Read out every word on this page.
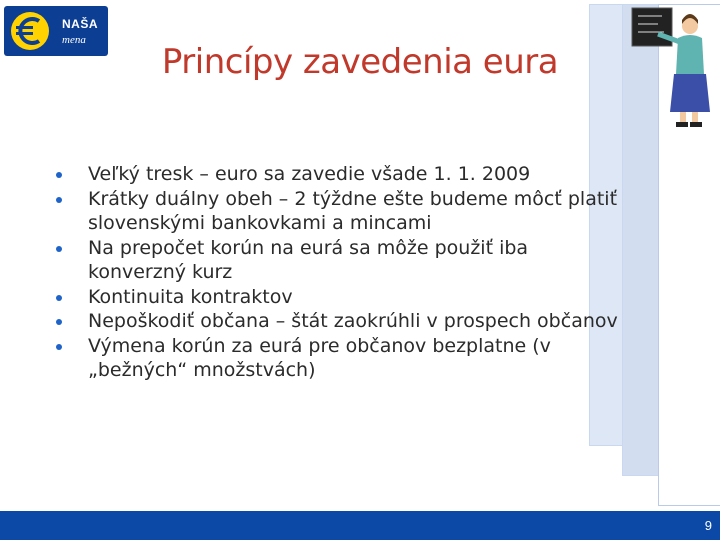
NAŠA
mena
Princípy zavedenia eura
Veľký tresk – euro sa zavedie všade 1. 1. 2009
Krátky duálny obeh – 2 týždne ešte budeme môcť platiť slovenskými bankovkami a mincami
Na prepočet korún na eurá sa môže použiť iba konverzný kurz
Kontinuita kontraktov
Nepoškodiť občana – štát zaokrúhli v prospech občanov
Výmena korún za eurá pre občanov bezplatne (v „bežných“ množstvách)
9
